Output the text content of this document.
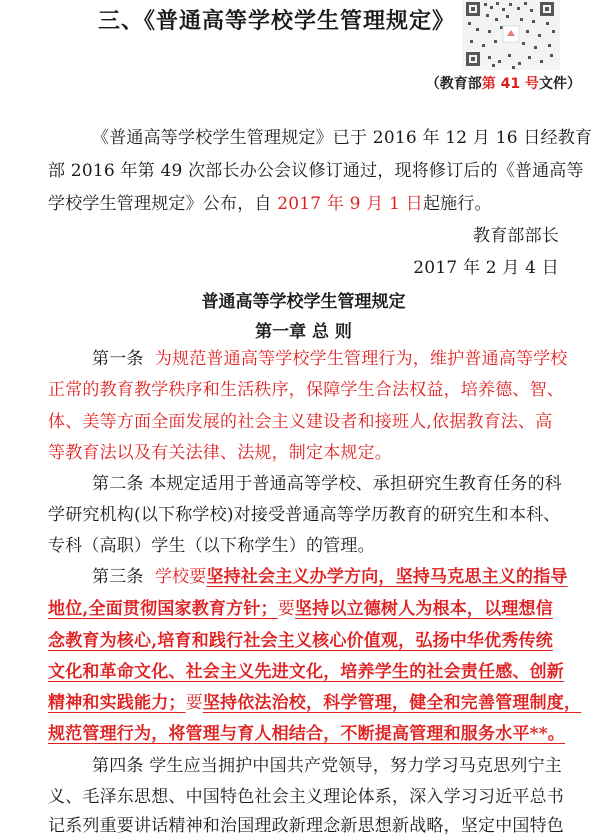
三、《普通高等学校学生管理规定》
（教育部第 41 号文件）
《普通高等学校学生管理规定》已于 2016 年 12 月 16 日经教育
部 2016 年第 49 次部长办公会议修订通过，现将修订后的《普通高等
学校学生管理规定》公布，自 2017 年 9 月 1 日起施行。
教育部部长
2017 年 2 月 4 日
普通高等学校学生管理规定
第一章 总 则
第一条 为规范普通高等学校学生管理行为，维护普通高等学校
正常的教育教学秩序和生活秩序，保障学生合法权益，培养德、智、
体、美等方面全面发展的社会主义建设者和接班人,依据教育法、高
等教育法以及有关法律、法规，制定本规定。
第二条 本规定适用于普通高等学校、承担研究生教育任务的科
学研究机构(以下称学校)对接受普通高等学历教育的研究生和本科、
专科（高职）学生（以下称学生）的管理。
第三条 学校要坚持社会主义办学方向，坚持马克思主义的指导
地位,全面贯彻国家教育方针；要坚持以立德树人为根本，以理想信
念教育为核心,培育和践行社会主义核心价值观，弘扬中华优秀传统
文化和革命文化、社会主义先进文化，培养学生的社会责任感、创新
精神和实践能力；要坚持依法治校，科学管理，健全和完善管理制度，
规范管理行为，将管理与育人相结合，不断提高管理和服务水平**。
第四条 学生应当拥护中国共产党领导，努力学习马克思列宁主
义、毛泽东思想、中国特色社会主义理论体系，深入学习习近平总书
记系列重要讲话精神和治国理政新理念新思想新战略，坚定中国特色
